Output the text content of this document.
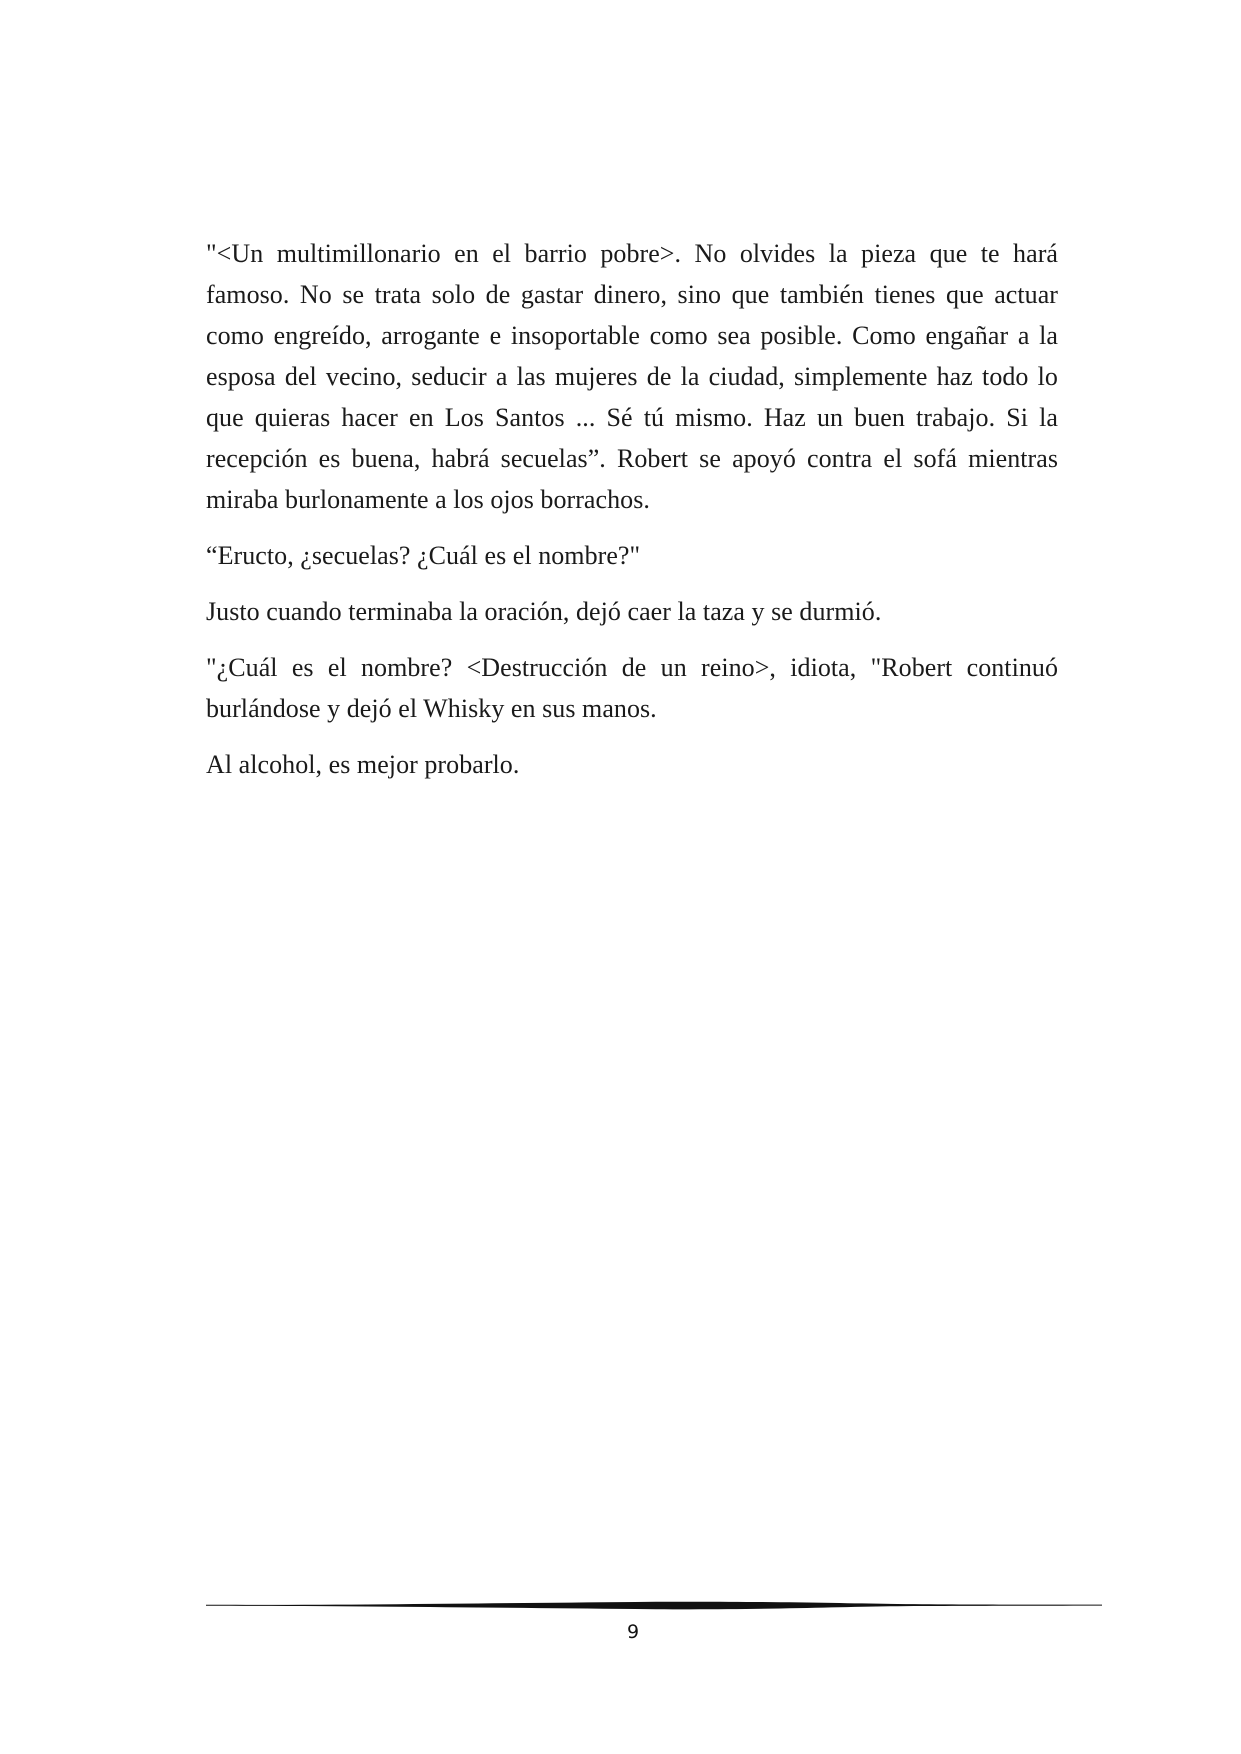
"<Un multimillonario en el barrio pobre>. No olvides la pieza que te hará famoso. No se trata solo de gastar dinero, sino que también tienes que actuar como engreído, arrogante e insoportable como sea posible. Como engañar a la esposa del vecino, seducir a las mujeres de la ciudad, simplemente haz todo lo que quieras hacer en Los Santos ... Sé tú mismo. Haz un buen trabajo. Si la recepción es buena, habrá secuelas”. Robert se apoyó contra el sofá mientras miraba burlonamente a los ojos borrachos.

“Eructo, ¿secuelas? ¿Cuál es el nombre?"

Justo cuando terminaba la oración, dejó caer la taza y se durmió.

"¿Cuál es el nombre? <Destrucción de un reino>, idiota, "Robert continuó burlándose y dejó el Whisky en sus manos.

Al alcohol, es mejor probarlo.

9
